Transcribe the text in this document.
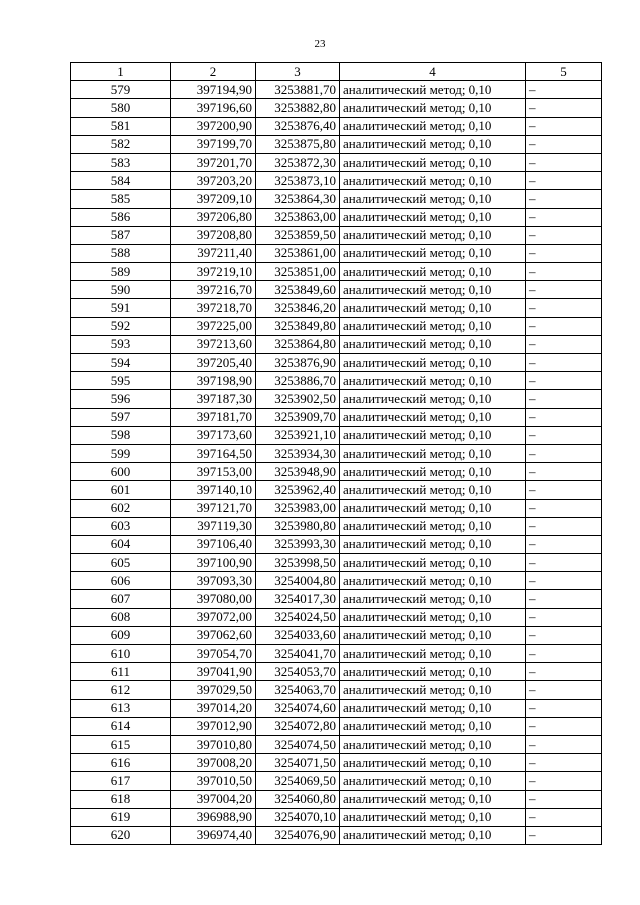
23
1	2	3	4	5
579	397194,90	3253881,70	аналитический метод; 0,10	–
580	397196,60	3253882,80	аналитический метод; 0,10	–
581	397200,90	3253876,40	аналитический метод; 0,10	–
582	397199,70	3253875,80	аналитический метод; 0,10	–
583	397201,70	3253872,30	аналитический метод; 0,10	–
584	397203,20	3253873,10	аналитический метод; 0,10	–
585	397209,10	3253864,30	аналитический метод; 0,10	–
586	397206,80	3253863,00	аналитический метод; 0,10	–
587	397208,80	3253859,50	аналитический метод; 0,10	–
588	397211,40	3253861,00	аналитический метод; 0,10	–
589	397219,10	3253851,00	аналитический метод; 0,10	–
590	397216,70	3253849,60	аналитический метод; 0,10	–
591	397218,70	3253846,20	аналитический метод; 0,10	–
592	397225,00	3253849,80	аналитический метод; 0,10	–
593	397213,60	3253864,80	аналитический метод; 0,10	–
594	397205,40	3253876,90	аналитический метод; 0,10	–
595	397198,90	3253886,70	аналитический метод; 0,10	–
596	397187,30	3253902,50	аналитический метод; 0,10	–
597	397181,70	3253909,70	аналитический метод; 0,10	–
598	397173,60	3253921,10	аналитический метод; 0,10	–
599	397164,50	3253934,30	аналитический метод; 0,10	–
600	397153,00	3253948,90	аналитический метод; 0,10	–
601	397140,10	3253962,40	аналитический метод; 0,10	–
602	397121,70	3253983,00	аналитический метод; 0,10	–
603	397119,30	3253980,80	аналитический метод; 0,10	–
604	397106,40	3253993,30	аналитический метод; 0,10	–
605	397100,90	3253998,50	аналитический метод; 0,10	–
606	397093,30	3254004,80	аналитический метод; 0,10	–
607	397080,00	3254017,30	аналитический метод; 0,10	–
608	397072,00	3254024,50	аналитический метод; 0,10	–
609	397062,60	3254033,60	аналитический метод; 0,10	–
610	397054,70	3254041,70	аналитический метод; 0,10	–
611	397041,90	3254053,70	аналитический метод; 0,10	–
612	397029,50	3254063,70	аналитический метод; 0,10	–
613	397014,20	3254074,60	аналитический метод; 0,10	–
614	397012,90	3254072,80	аналитический метод; 0,10	–
615	397010,80	3254074,50	аналитический метод; 0,10	–
616	397008,20	3254071,50	аналитический метод; 0,10	–
617	397010,50	3254069,50	аналитический метод; 0,10	–
618	397004,20	3254060,80	аналитический метод; 0,10	–
619	396988,90	3254070,10	аналитический метод; 0,10	–
620	396974,40	3254076,90	аналитический метод; 0,10	–
